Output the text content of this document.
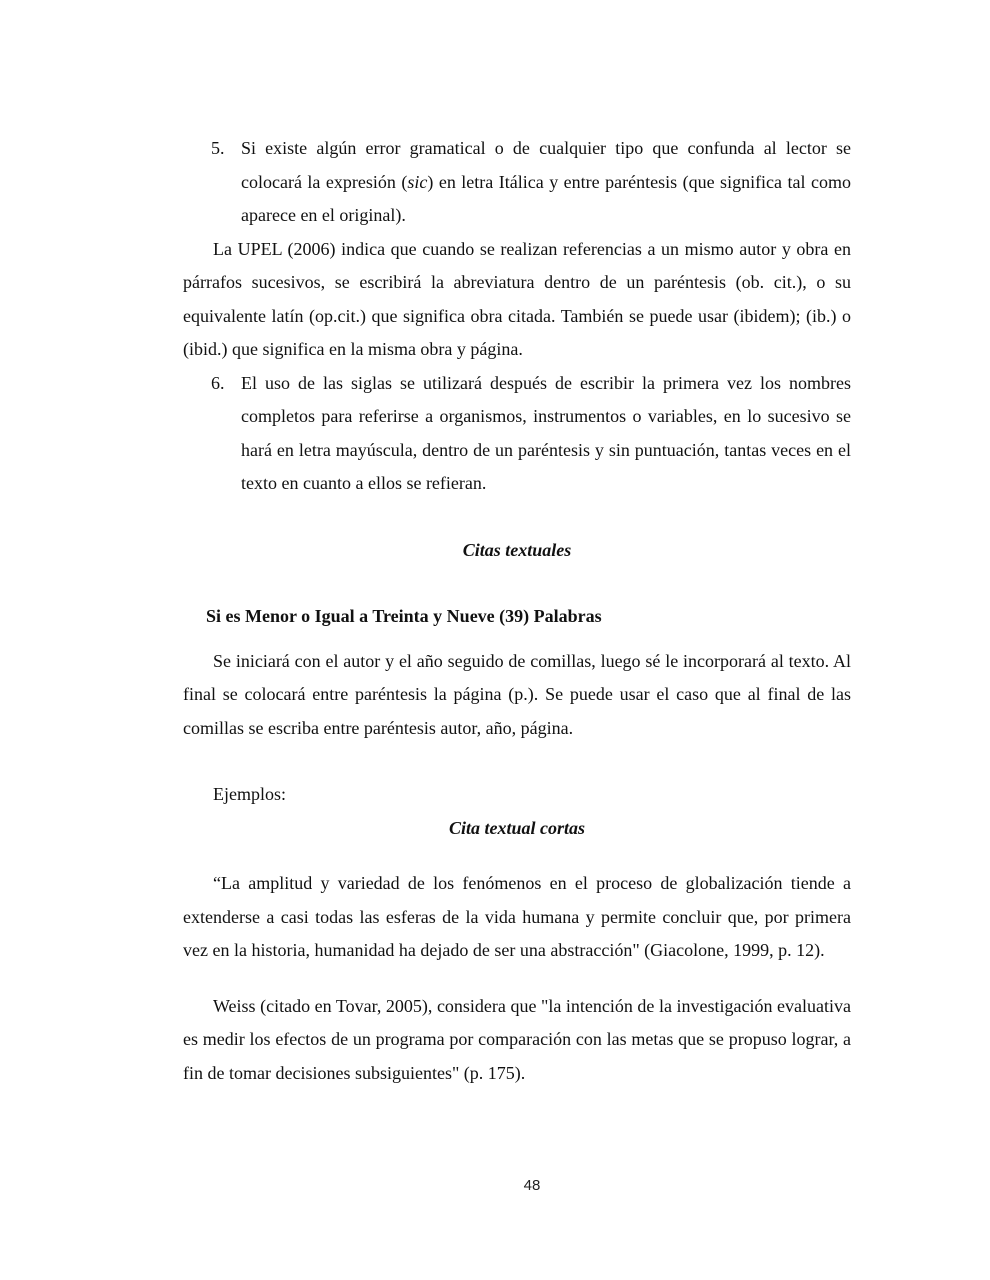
5. Si existe algún error gramatical o de cualquier tipo que confunda al lector se colocará la expresión (sic) en letra Itálica y entre paréntesis (que significa tal como aparece en el original).

La UPEL (2006) indica que cuando se realizan referencias a un mismo autor y obra en párrafos sucesivos, se escribirá la abreviatura dentro de un paréntesis (ob. cit.), o su equivalente latín (op.cit.) que significa obra citada. También se puede usar (ibidem); (ib.) o (ibid.) que significa en la misma obra y página.

6. El uso de las siglas se utilizará después de escribir la primera vez los nombres completos para referirse a organismos, instrumentos o variables, en lo sucesivo se hará en letra mayúscula, dentro de un paréntesis y sin puntuación, tantas veces en el texto en cuanto a ellos se refieran.

Citas textuales

Si es Menor o Igual a Treinta y Nueve (39) Palabras

Se iniciará con el autor y el año seguido de comillas, luego sé le incorporará al texto. Al final se colocará entre paréntesis la página (p.). Se puede usar el caso que al final de las comillas se escriba entre paréntesis autor, año, página.

Ejemplos:

Cita textual cortas

“La amplitud y variedad de los fenómenos en el proceso de globalización tiende a extenderse a casi todas las esferas de la vida humana y permite concluir que, por primera vez en la historia, humanidad ha dejado de ser una abstracción" (Giacolone, 1999, p. 12).

Weiss (citado en Tovar, 2005), considera que "la intención de la investigación evaluativa es medir los efectos de un programa por comparación con las metas que se propuso lograr, a fin de tomar decisiones subsiguientes" (p. 175).

48
